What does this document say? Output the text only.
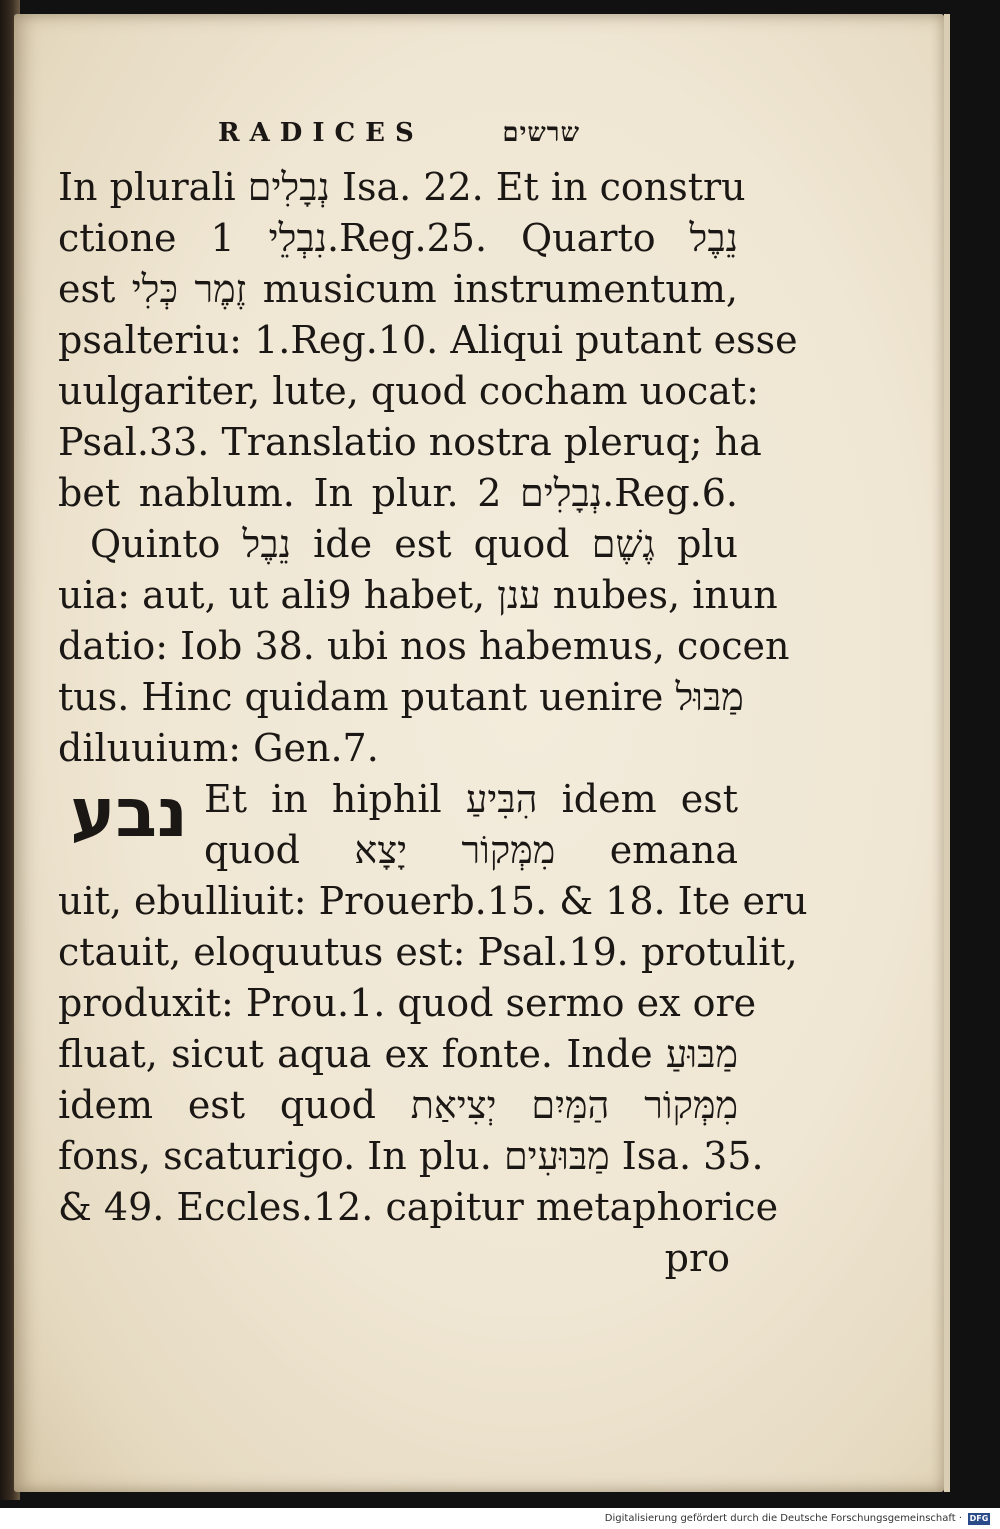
RADICES	שרשים
In plurali נְבָלִים Isa. 22. Et in constru
ctione נִבְלֵי 1.Reg.25. Quarto נֵבֶל
est זֶמֶר כְּלִי musicum instrumentum,
psalteriu: 1.Reg.10. Aliqui putant esse
uulgariter, lute, quod cocham uocat:
Psal.33. Translatio nostra pleruq; ha
bet nablum. In plur. נְבָלִים 2.Reg.6.
Quinto נֵבֶל ide est quod גֶשֶׁם plu
uia: aut, ut ali9 habet, ענן nubes, inun
datio: Iob 38. ubi nos habemus, cocen
tus. Hinc quidam putant uenire מַבּוּל
diluuium: Gen.7.
נבע Et in hiphil הִבִּיעַ idem est
quod מִמְּקוֹר יָצָא emana
uit, ebulliuit: Prouerb.15. & 18. Ite eru
ctauit, eloquutus est: Psal.19. protulit,
produxit: Prou.1. quod sermo ex ore
fluat, sicut aqua ex fonte. Inde מַבּוּעַ
idem est quod מִמְּקוֹר הַמַּיִם יְצִיאַת
fons, scaturigo. In plu. מַבּוּעִים Isa. 35.
& 49. Eccles.12. capitur metaphorice
pro
Digitalisierung gefördert durch die Deutsche Forschungsgemeinschaft · DFG
